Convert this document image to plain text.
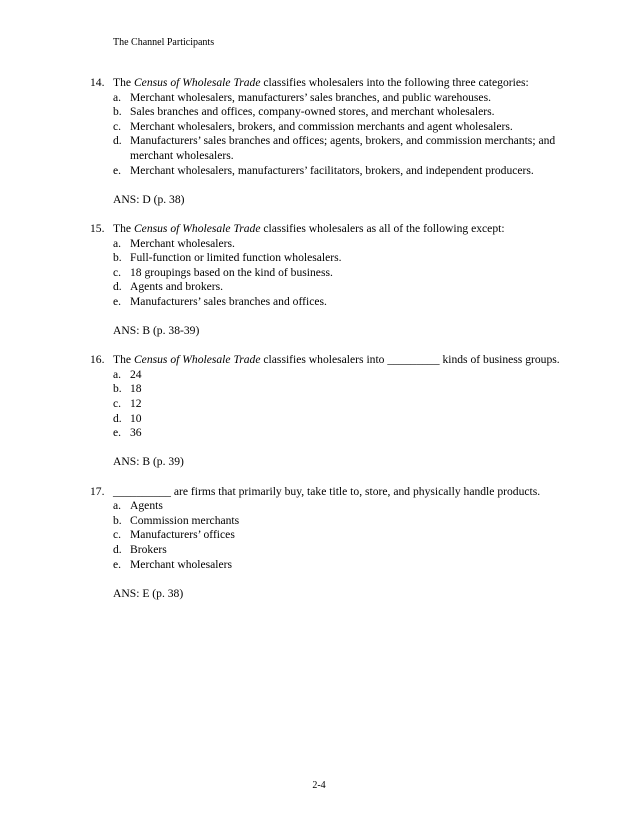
The Channel Participants
14. The Census of Wholesale Trade classifies wholesalers into the following three categories:
a. Merchant wholesalers, manufacturers’ sales branches, and public warehouses.
b. Sales branches and offices, company-owned stores, and merchant wholesalers.
c. Merchant wholesalers, brokers, and commission merchants and agent wholesalers.
d. Manufacturers’ sales branches and offices; agents, brokers, and commission merchants; and merchant wholesalers.
e. Merchant wholesalers, manufacturers’ facilitators, brokers, and independent producers.
ANS: D (p. 38)
15. The Census of Wholesale Trade classifies wholesalers as all of the following except:
a. Merchant wholesalers.
b. Full-function or limited function wholesalers.
c. 18 groupings based on the kind of business.
d. Agents and brokers.
e. Manufacturers’ sales branches and offices.
ANS: B (p. 38-39)
16. The Census of Wholesale Trade classifies wholesalers into _________ kinds of business groups.
a. 24
b. 18
c. 12
d. 10
e. 36
ANS: B (p. 39)
17. __________ are firms that primarily buy, take title to, store, and physically handle products.
a. Agents
b. Commission merchants
c. Manufacturers’ offices
d. Brokers
e. Merchant wholesalers
ANS: E (p. 38)
2-4
